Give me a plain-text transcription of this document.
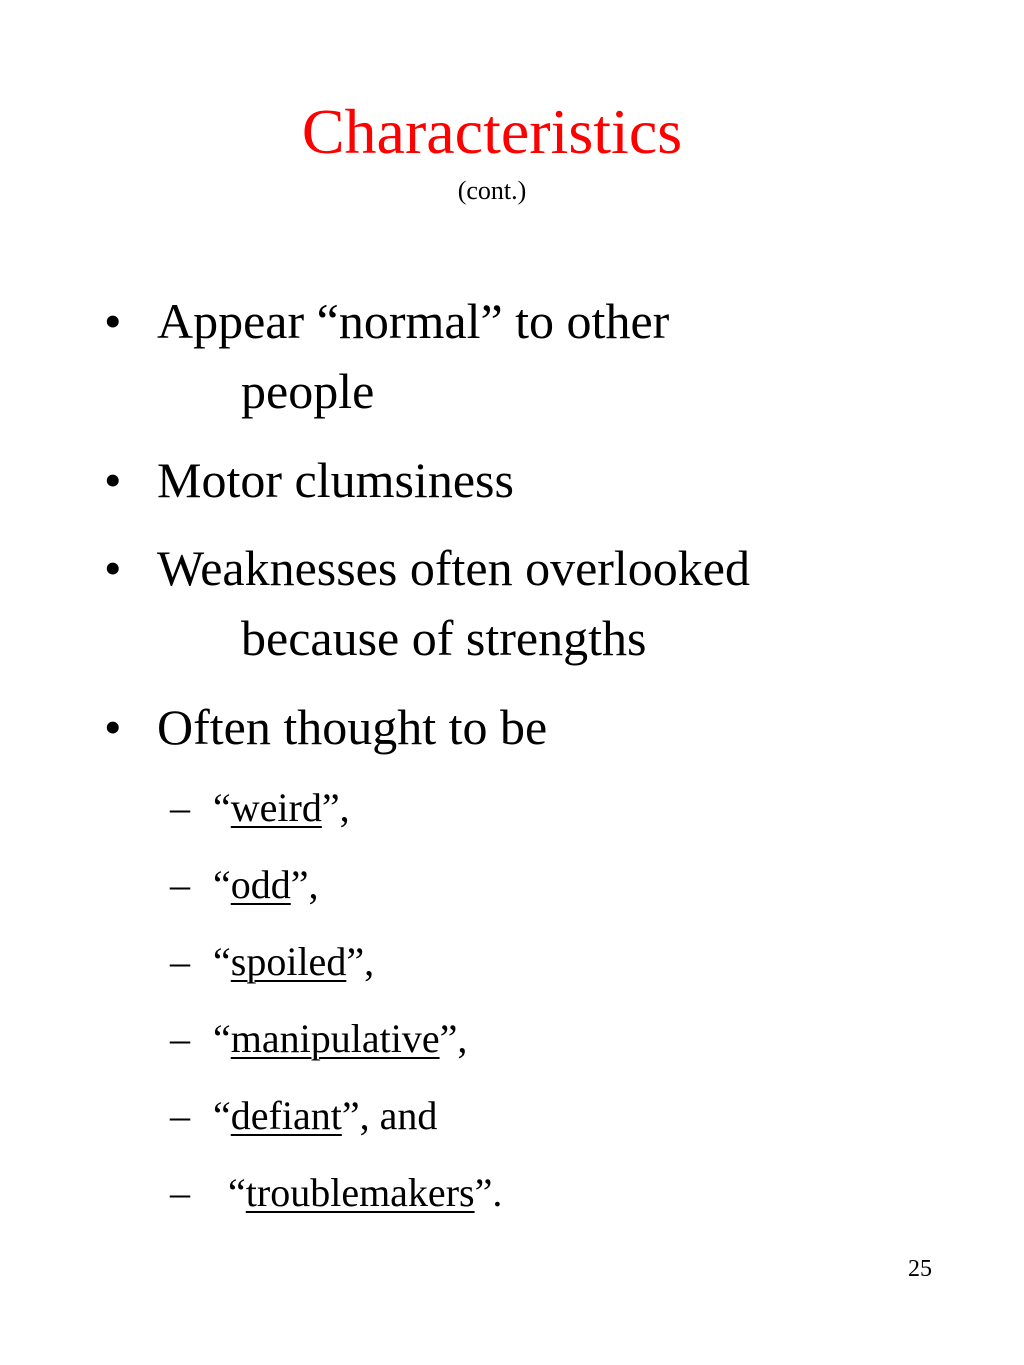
Characteristics
(cont.)
• Appear “normal” to other
people
• Motor clumsiness
• Weaknesses often overlooked
because of strengths
• Often thought to be
– “weird”,
– “odd”,
– “spoiled”,
– “manipulative”,
– “defiant”, and
– “troublemakers”.
25
